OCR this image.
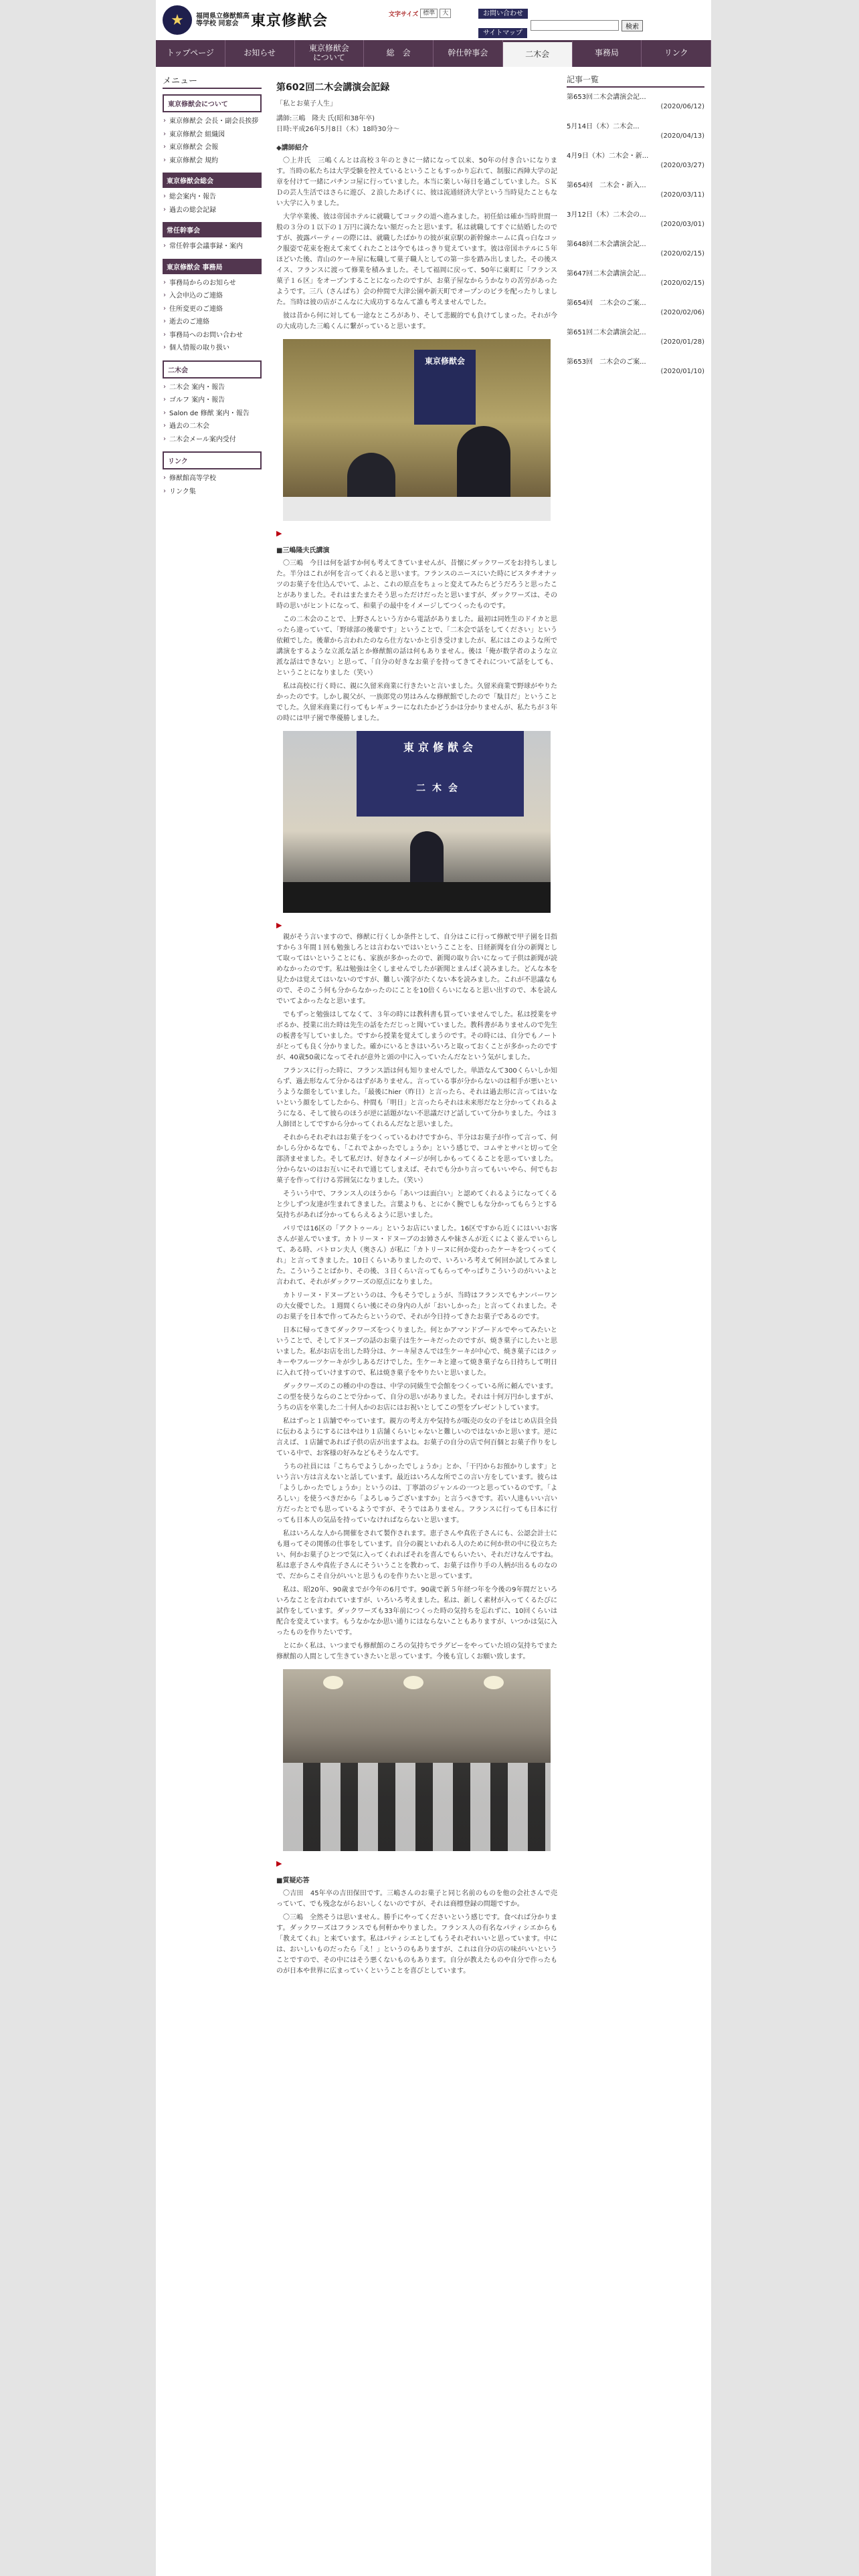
★	福岡県立修猷館高等学校 同窓会 東京修猷会	文字サイズ 標準	大	お問い合わせ
サイトマップ
検索
トップページ	お知らせ	東京修猷会
について	総　会	幹仕幹事会	二木会	事務局	リンク
メニュー
東京修猷会について
› 東京修猷会 会長・副会長挨拶
› 東京修猷会 組織図
› 東京修猷会 会報
› 東京修猷会 規約
東京修猷会総会
› 総会案内・報告
› 過去の総会記録
常任幹事会
› 常任幹事会議事録・案内
東京修猷会 事務局
› 事務局からのお知らせ
› 入会申込のご連絡
› 住所変更のご連絡
› 逝去のご連絡
› 事務局へのお問い合わせ
› 個人情報の取り扱い
二木会
› 二木会 案内・報告
› ゴルフ 案内・報告
› Salon de 修猷 案内・報告
› 過去の二木会
› 二木会メール案内受付
リンク
› 修猷館高等学校
› リンク集
第602回二木会講演会記録
「私とお菓子人生」
講師:三嶋　隆夫 氏(昭和38年卒)
日時:平成26年5月8日（木）18時30分～
◆講師紹介

〇上井氏　三嶋くんとは高校３年のときに一緒になって以来、50年の付き合いになります。当時の私たちは大学受験を控えているということもすっかり忘れて、制服に西陣大学の記章を付けて一緒にパチンコ屋に行っていました。本当に楽しい毎日を過ごしていました。ＳＫＤの芸人生活ではさらに遊び、２浪したあげくに、彼は流通経済大学という当時見たこともない大学に入りました。

大学卒業後、彼は帝国ホテルに就職してコックの道へ進みました。初任給は確か当時世間一般の３分の１以下の１万円に満たない額だったと思います。私は就職してすぐに結婚したのですが、披露パーティーの際には、就職したばかりの彼が東京駅の新幹線ホームに真っ白なコック服姿で花束を抱えて来てくれたことは今でもはっきり覚えています。彼は帝国ホテルに５年ほどいた後、青山のケーキ屋に転職して菓子職人としての第一歩を踏み出しました。その後スイス、フランスに渡って修業を積みました。そして福岡に戻って、50年に東町に「フランス菓子１６区」をオープンすることになったのですが、お菓子屋なからうかなりの苦労があったようです。三八（さんぱち）会の仲間で大津公園や新天町でオープンのビラを配ったりしました。当時は彼の店がこんなに大成功するなんて誰も考えませんでした。

彼は昔から何に対しても一途なところがあり、そして悲観的でも負けてしまった。それが今の大成功した三嶋くんに繋がっていると思います。

東京修猷会
▶
■三嶋隆夫氏講演

〇三嶋　今日は何を話すか何も考えてきていませんが、昔懐にダックワーズをお持ちしました。半分はこれが何を言ってくれると思います。フランスのニースにいた時にピスタチオナッツのお菓子を仕込んでいて、ふと、これの原点をちょっと変えてみたらどうだろうと思ったことがありました。それはまたまたそう思っただけだったと思いますが、ダックワーズは、その時の思いがヒントになって、和菓子の最中をイメージしてつくったものです。

この二木会のことで、上野さんという方から電話がありました。最初は同姓生のドイカと思ったら違っていて、「野球部の後輩です」ということで、「二木会で話をしてください」という依頼でした。後輩から言われたのなら仕方ないかと引き受けましたが、私にはこのような所で講演をするような立派な話とか修猷館の話は何もありません。後は「俺が数学者のような立派な話はできない」と思って、「自分の好きなお菓子を持ってきてそれについて話をしても、ということになりました（笑い）

私は高校に行く時に、親に久留米商業に行きたいと言いました。久留米商業で野球がやりたかったのです。しかし親父が、一族郎党の男はみんな修猷館でしたので「駄目だ」ということでした。久留米商業に行ってもレギュラーになれたかどうかは分かりませんが、私たちが３年の時には甲子園で準優勝しました。

東京修猷会
二木会
▶

親がそう言いますので、修猷に行くしか条件として、自分はこに行って修猷で甲子園を目指すから３年間１回も勉強しろとは言わないではいというこことを、日経新聞を自分の新聞として取ってはいということにも、家族が多かったので、新聞の取り合いになって子供は新聞が読めなかったのです。私は勉強は全くしませんでしたが新聞とまんばく読みました。どんな本を見たかは覚えてはいないのですが、難しい漢字がたくない本を読みました。これが不思議なもので、そのこう何も分からなかったのにことを10倍くらいになると思い出すので、本を読んでいてよかったなと思います。

でもずっと勉強はしてなくて、３年の時には教科書も買っていませんでした。私は授業をサボるか、授業に出た時は先生の話をただじっと聞いていました。教科書がありませんので先生の板書を写していました。ですから授業を覚えてしまうのです。その時には、自分でもノートがとっても良く分かりました。確かにいるときはいろいろと取っておくことが多かったのですが、40歳50歳になってそれが意外と頭の中に入っていたんだなという気がしました。

フランスに行った時に、フランス語は何も知りませんでした。単語なんて300くらいしか知らず、過去形なんて分かるはずがありません。言っている事が分からないのは相手が悪いというような顔をしていました。「最後にhier（昨日）と言ったら、それは過去形に言ってはいないという顔をしてしたから、仲間も「明日」と言ったらそれは未来形だなと分かってくれるようになる、そして彼らのほうが逆に話題がない不思議だけど話していて分かりました。今は３人師団としてですから分かってくれるんだなと思いました。

それからそれぞれはお菓子をつくっているわけですから、半分はお菓子が作って言って、何かしら分かるなでも、「これでよかったでしょうか」という感じで、コムサとサバと切って全部済ませました。そして私だけ、好きなイメージが何しかもってくることを思っていました。分からないのはお互いにそれで通じてしまえば、それでも分かり言ってもいいやら、何でもお菓子を作って行ける雰囲気になりました。（笑い）

そういう中で、フランス人のほうから「あいつは面白い」と認めてくれるようになってくると少しずつ友達が生まれてきました。言葉よりも、とにかく腕でしもな分かってもらうとする気持ちがあれば分かってもらえるように思いました。

パリでは16区の「アクトゥール」というお店にいました。16区ですから近くにはいいお客さんが並んでいます。カトリーヌ・ドヌーブのお姉さんや妹さんが近くによく並んでいらして、ある時、バトロン夫人（奥さん）が私に「カトリーヌに何か変わったケーキをつくってくれ」と言ってきました。10日くらいありましたので、いろいろ考えて何回か試してみました。こういうことばかり、その後、３日くらい言ってもらってやっぱりこういうのがいいよと言われて、それがダックワーズの原点になりました。

カトリーヌ・ドヌーブというのは、今もそうでしょうが、当時はフランスでもナンバーワンの大女優でした。１週間くらい後にその身内の人が「おいしかった」と言ってくれました。そのお菓子を日本で作ってみたらというので、それが今日持ってきたお菓子であるのです。

日本に帰ってきてダックワーズをつくりました。何とかアマンドプードルでやってみたいということで、そしてドヌーブの話のお菓子は生ケーキだったのですが、焼き菓子にしたいと思いました。私がお店を出した時分は、ケーキ屋さんでは生ケーキが中心で、焼き菓子にはクッキーやフルーツケーキが少しあるだけでした。生ケーキと違って焼き菓子なら日持ちして明日に入れて持っていけますので、私は焼き菓子をやりたいと思いました。

ダックワーズのこの種の中の巻は、中学の同級生で会館をつくっている所に頼んでいます。この型を使うならのことで分かって、自分の思いがありました。それは十何万円かしますが、うちの店を卒業した二十何人かのお店にはお祝いとしてこの型をプレゼントしています。

私はずっと１店舗でやっています。親方の考え方や気持ちが販売の女の子をはじめ店員全員に伝わるようにするにはやはり１店舗くらいじゃないと難しいのではないかと思います。逆に言えば、１店舗であれば子供の店が出ますよね。お菓子の自分の店で何百個とお菓子作りをしている中で、お客様の好みなどもそうなんです。

うちの社員には「こちらでようしかったでしょうか」とか、「干円からお預かりします」という言い方は言えないと話しています。最近はいろんな所でこの言い方をしています。彼らは「ようしかったでしょうか」というのは、丁寧語のジャンルの一つと思っているのです。「よろしい」を使うべきだから「よろしゅうございますか」と言うべきです。若い人達もいい言い方だったとでも思っているようですが、そうではありません。フランスに行っても日本に行っても日本人の気品を持っていなければならないと思います。

私はいろんな人から開催をされて製作されます。恵子さんや真佐子さんにも、公認会計士にも週ってその関係の仕事をしています。自分の親といわれる人のために何か世の中に役立ちたい、何かお菓子ひとつで気に入ってくれればそれを喜んでもらいたい、それだけなんですね。私は恵子さんや真佐子さんにそういうことを教わって、お菓子は作り手の人柄が出るものなので、だからこそ自分がいいと思うものを作りたいと思っています。

私は、昭20年、90歳までが今年の6月です。90歳で新５年経つ年を今後の9年間だといろいろなことを言われていますが、いろいろ考えました。私は、新しく素材が入ってくるたびに試作をしています。ダックワーズも33年前につくった時の気持ちを忘れずに、10回くらいは配合を変えています。もうなかなか思い通りにはならないこともありますが、いつかは気に入ったものを作りたいです。

とにかく私は、いつまでも修猷館のころの気持ちでラグビーをやっていた頃の気持ちでまた修猷館の人間として生きていきたいと思っています。今後も宜しくお願い致します。

▶
■質疑応答

〇吉田　45年卒の吉田保田です。三嶋さんのお菓子と同じ名前のものを他の会社さんで売っていて、でも残念ながらおいしくないのですが、それは商標登録の問題ですか。

〇三嶋　全然そうは思いません。勝手にやってくださいという感じです。食べれば分かります。ダックワーズはフランスでも何軒かやりました。フランス人の有名なパティシエからも「教えてくれ」と来ています。私はパティシエとしてもうそれぞれいいと思っています。中には、おいしいものだったら「え！」というのもありますが、これは自分の店の味がいいということですので、その中にはそう悪くないものもあります。自分が教えたものや自分で作ったものが日本や世界に広まっていくということを喜びとしています。

記事一覧
第653回二木会講演会記...
(2020/06/12)
5月14日（木）二木会...
(2020/04/13)
4月9日（木）二木会・新...
(2020/03/27)
第654回　二木会・新入...
(2020/03/11)
3月12日（木）二木会の...
(2020/03/01)
第648回二木会講演会記...
(2020/02/15)
第647回二木会講演会記...
(2020/02/15)
第654回　二木会のご案...
(2020/02/06)
第651回二木会講演会記...
(2020/01/28)
第653回　二木会のご案...
(2020/01/10)
